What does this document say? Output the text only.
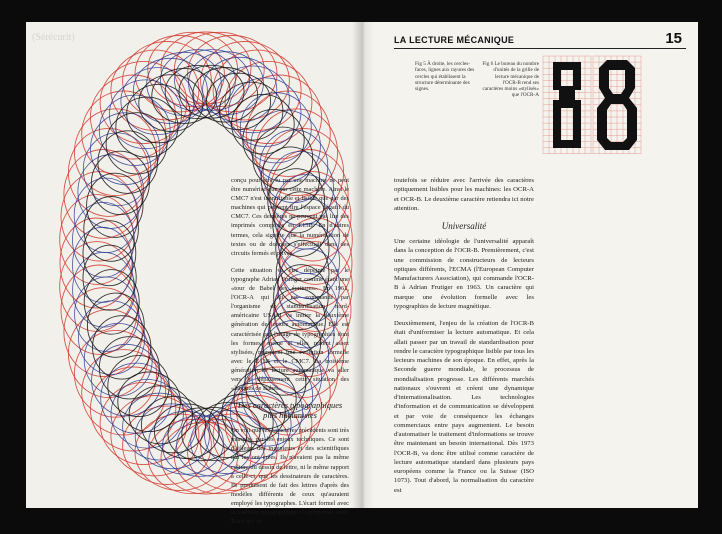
(Sérécurit)	LA LECTURE MÉCANIQUE	15
Fig 5 À droite, les cercles-faces, lignes aux rayures des cercles qui établissent la structure déterminante des signes.
Fig 6 Le bureau du nombre d'unités de la grille de lecture mécanique de l'OCR-B rend ses caractères moins «stylisés» que l'OCR-A
8	8
toutefois se réduire avec l'arrivée des caractères optiquement lisibles pour les machines: les OCR-A et OCR-B. Le deuxième caractère retiendra ici notre attention.
Universalité
Une certaine idéologie de l'universalité apparaît dans la conception de l'OCR-B. Premièrement, c'est une commission de constructeurs de lecteurs optiques différents, l'ECMA (l'European Computer Manufacturers Association), qui commande l'OCR-B à Adrian Frutiger en 1963. Un caractère qui marque une évolution formelle avec les typographies de lecture magnétique.
Deuxièmement, l'enjeu de la création de l'OCR-B était d'uniformiser la lecture automatique. Et cela allait passer par un travail de standardisation pour rendre le caractère typographique lisible par tous les lecteurs machines de son époque. En effet, après la Seconde guerre mondiale, le processus de mondialisation progresse. Les différents marchés nationaux s'ouvrent et créent une dynamique d'internationalisation. Les technologies d'information et de communication se développent et par voie de conséquence les échanges commerciaux entre pays augmentent. Le besoin d'automatiser le traitement d'informations se trouve être maintenant un besoin international. Dès 1973 l'OCR-B, va donc être utilisé comme caractère de lecture automatique standard dans plusieurs pays européens comme la France ou la Suisse (ISO 1073). Tout d'abord, la normalisation du caractère est
conçu pour être lu par une machine ne peut être numérisé que par cette machine. Ainsi le CMC7 n'est identifiable et lisible que par des machines qui peuvent lire l'espace négatif du CMC7. Ces dernières ne peuvent pas lire des imprimés composés en E13B. En d'autres termes, cela signifie que la numérisation de textes ou de données s'effectuait dans des circuits fermés et privés.
Cette situation va être dépeinte par le typographe Adrian Frutiger comme étant une «tour de Babel des écritures». En 1961, l'OCR-A qui lui est commandé par l'organisme de standardisation nord-américaine USASI va initier la deuxième génération de lecture automatique. Elle est caractérisée par l'usage de typographies dont les formes, même si elles restent assez stylisées, marquent une évolution formelle avec le E13B et le CMC7. La troisième génération de lecture automatique va aller vers le dépassement cette situation des «langues de Babel».
Des caractères typographiques plus humanistes
On voit que les caractères précédents sont très marqués par les enjeux techniques. Ce sont d'ailleurs des ingénieurs et des scientifiques qui les ont créés. Ils n'avaient pas la même culture du dessin de lettre, ni le même rapport à celle-ci, que les dessinateurs de caractères. Ils produisent de fait des lettres d'après des modèles différents de ceux qu'auraient employé les typographes. L'écart formel avec la tradition typographique s'expliquerait ainsi. Écart qui va
